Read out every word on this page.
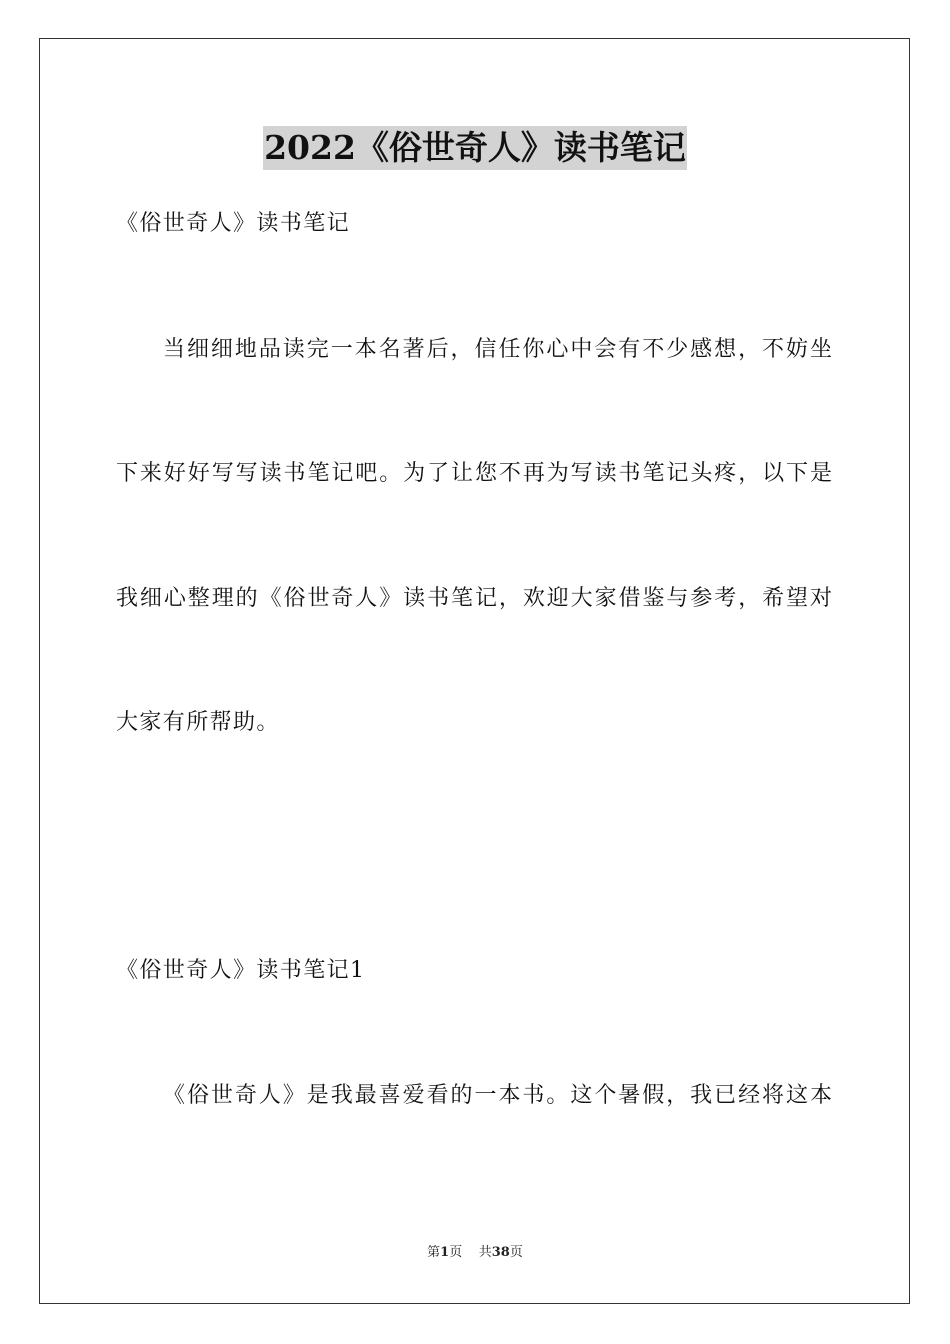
2022《俗世奇人》读书笔记
《俗世奇人》读书笔记
当细细地品读完一本名著后，信任你心中会有不少感想，不妨坐
下来好好写写读书笔记吧。为了让您不再为写读书笔记头疼，以下是
我细心整理的《俗世奇人》读书笔记，欢迎大家借鉴与参考，希望对
大家有所帮助。
《俗世奇人》读书笔记1
《俗世奇人》是我最喜爱看的一本书。这个暑假，我已经将这本
第1页 共38页
